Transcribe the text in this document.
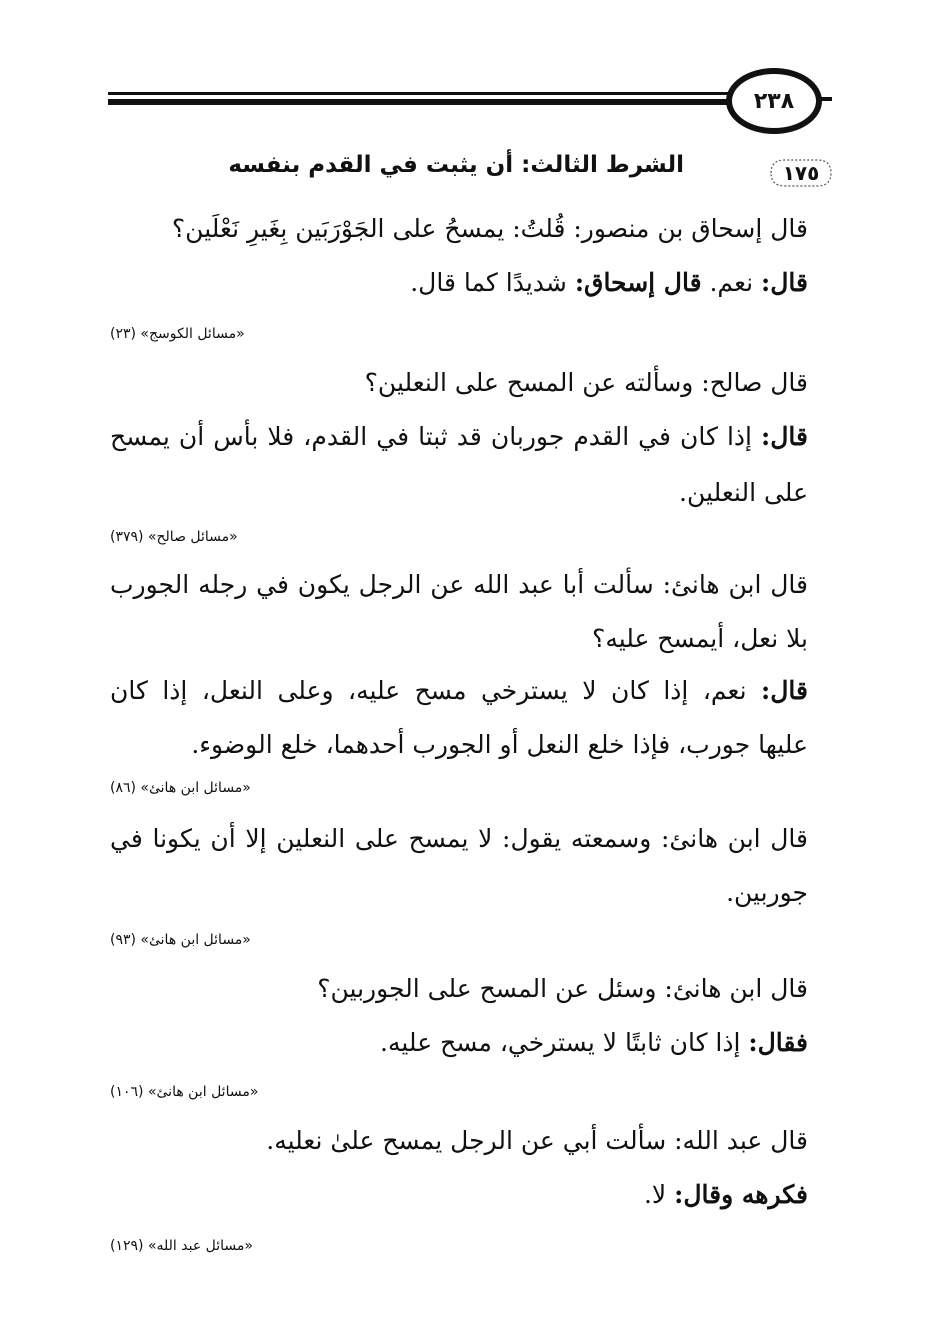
٢٣٨
١٧٥
الشرط الثالث: أن يثبت في القدم بنفسه
قال إسحاق بن منصور: قُلتُ: يمسحُ على الجَوْرَبَين بِغَيرِ نَعْلَين؟
قال: نعم. قال إسحاق: شديدًا كما قال.
«مسائل الكوسج» (٢٣)
قال صالح: وسألته عن المسح على النعلين؟
قال: إذا كان في القدم جوربان قد ثبتا في القدم، فلا بأس أن يمسح
على النعلين.
«مسائل صالح» (٣٧٩)
قال ابن هانئ: سألت أبا عبد الله عن الرجل يكون في رجله الجورب
بلا نعل، أيمسح عليه؟
قال: نعم، إذا كان لا يسترخي مسح عليه، وعلى النعل، إذا كان
عليها جورب، فإذا خلع النعل أو الجورب أحدهما، خلع الوضوء.
«مسائل ابن هانئ» (٨٦)
قال ابن هانئ: وسمعته يقول: لا يمسح على النعلين إلا أن يكونا في
جوربين.
«مسائل ابن هانئ» (٩٣)
قال ابن هانئ: وسئل عن المسح على الجوربين؟
فقال: إذا كان ثابتًا لا يسترخي، مسح عليه.
«مسائل ابن هانئ» (١٠٦)
قال عبد الله: سألت أبي عن الرجل يمسح علىٰ نعليه.
فكرهه وقال: لا.
«مسائل عبد الله» (١٢٩)
